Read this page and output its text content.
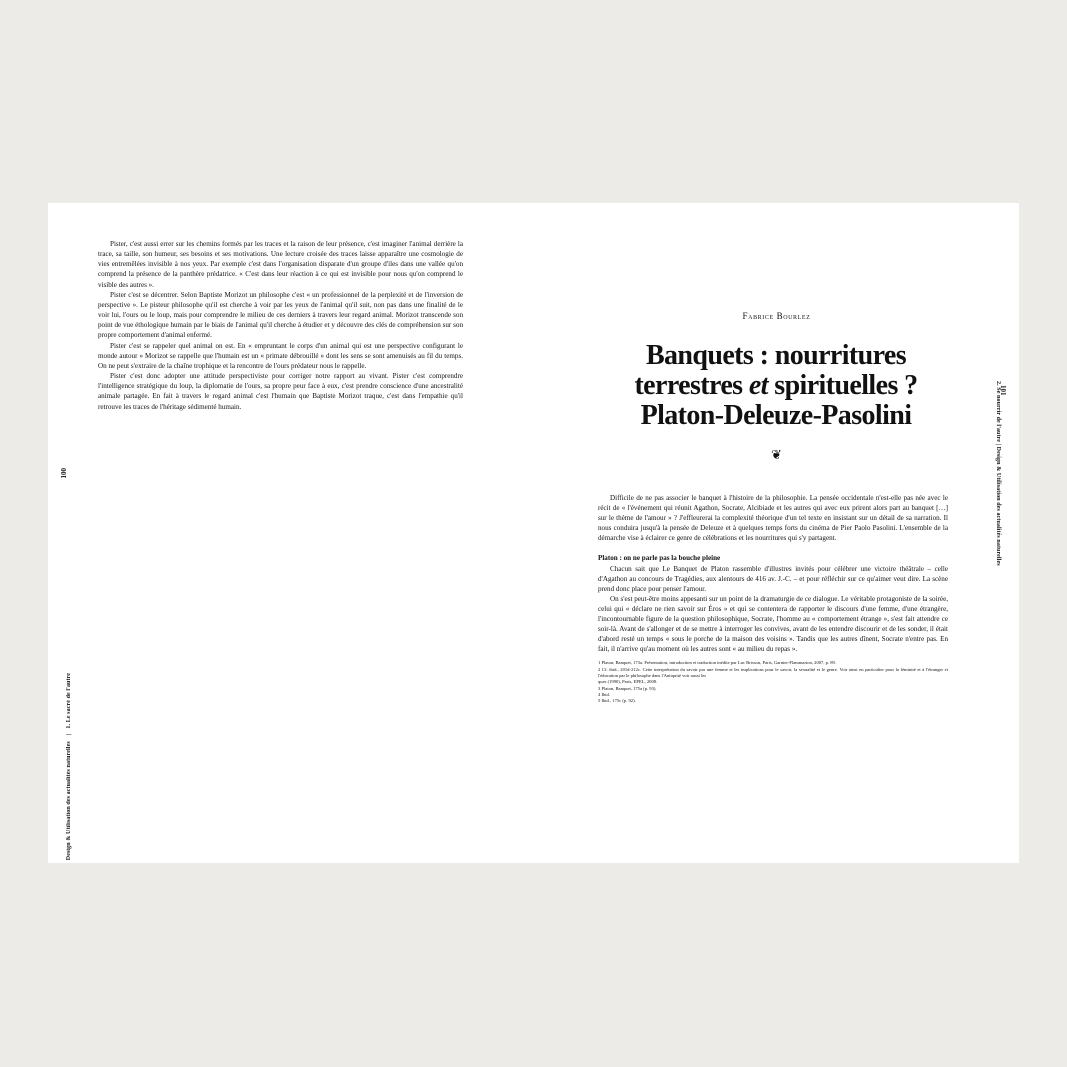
100
Design & Utilisation des actualités naturelles | 1. Le sacré de l'autre

Pister, c'est aussi errer sur les chemins formés par les traces et la raison de leur présence, c'est imaginer l'animal derrière la trace, sa taille, son humeur, ses besoins et ses motivations. Une lecture croisée des traces laisse apparaître une cosmologie de vies entremêlées invisible à nos yeux. Par exemple c'est dans l'organisation disparate d'un groupe d'iles dans une vallée qu'on comprend la présence de la panthère prédatrice. « C'est dans leur réaction à ce qui est invisible pour nous qu'on comprend le visible des autres ».

Pister c'est se décentrer. Selon Baptiste Morizot un philosophe c'est « un professionnel de la perplexité et de l'inversion de perspective ». Le pisteur philosophe qu'il est cherche à voir par les yeux de l'animal qu'il suit, non pas dans une finalité de le voir lui, l'ours ou le loup, mais pour comprendre le milieu de ces derniers à travers leur regard animal. Morizot transcende son point de vue éthologique humain par le biais de l'animal qu'il cherche à étudier et y découvre des clés de compréhension sur son propre comportement d'animal enfermé.

Pister c'est se rappeler quel animal on est. En « empruntant le corps d'un animal qui est une perspective configurant le monde autour » Morizot se rappelle que l'humain est un « primate débrouillé » dont les sens se sont amenuisés au fil du temps. On ne peut s'extraire de la chaîne trophique et la rencontre de l'ours prédateur nous le rappelle.

Pister c'est donc adopter une attitude perspectiviste pour corriger notre rapport au vivant. Pister c'est comprendre l'intelligence stratégique du loup, la diplomatie de l'ours, sa propre peur face à eux, c'est prendre conscience d'une ancestralité animale partagée. En fait à travers le regard animal c'est l'humain que Baptiste Morizot traque, c'est dans l'empathie qu'il retrouve les traces de l'héritage sédimenté humain.

101
2. Se nourrir de l'autre | Design & Utilisation des actualités naturelles
Fabrice Bourlez
Banquets : nourritures
terrestres et spirituelles ?
Platon-Deleuze-Pasolini
❦

Difficile de ne pas associer le banquet à l'histoire de la philosophie. La pensée occidentale n'est-elle pas née avec le récit de « l'événement qui réunit Agathon, Socrate, Alcibiade et les autres qui avec eux prirent alors part au banquet […] sur le thème de l'amour » ? J'effleurerai la complexité théorique d'un tel texte en insistant sur un détail de sa narration. Il nous conduira jusqu'à la pensée de Deleuze et à quelques temps forts du cinéma de Pier Paolo Pasolini. L'ensemble de la démarche vise à éclairer ce genre de célébrations et les nourritures qui s'y partagent.

Platon : on ne parle pas la bouche pleine

Chacun sait que Le Banquet de Platon rassemble d'illustres invités pour célébrer une victoire théâtrale – celle d'Agathon au concours de Tragédies, aux alentours de 416 av. J.-C. – et pour réfléchir sur ce qu'aimer veut dire. La scène prend donc place pour penser l'amour.

On s'est peut-être moins appesanti sur un point de la dramaturgie de ce dialogue. Le véritable protagoniste de la soirée, celui qui « déclare ne rien savoir sur Éros » et qui se contentera de rapporter le discours d'une femme, d'une étrangère, l'incontournable figure de la question philosophique, Socrate, l'homme au « comportement étrange », s'est fait attendre ce soir-là. Avant de s'allonger et de se mettre à interroger les convives, avant de les entendre discourir et de les sonder, il était d'abord resté un temps « sous le porche de la maison des voisins ». Tandis que les autres dînent, Socrate n'entre pas. En fait, il n'arrive qu'au moment où les autres sont « au milieu du repas ».

1 Platon, Banquet, 173a. Présentation, introduction et traduction inédite par Luc Brisson, Paris, Garnier-Flammarion, 2007, p. 89.
2 Cf. ibid., 201d-212c. Cette interprétation du savoir par une femme et les implications pour le savoir, la sexualité et le genre. Voir ainsi en particulier pour la féminité et à l'étranger et l'éducation par le philosophe dans l'Antiquité voir aussi les
ques (1990), Paris, EPEL, 2008.
3 Platon, Banquet, 175a (p. 93).
4 Ibid.
5 Ibid., 175c (p. 92).
